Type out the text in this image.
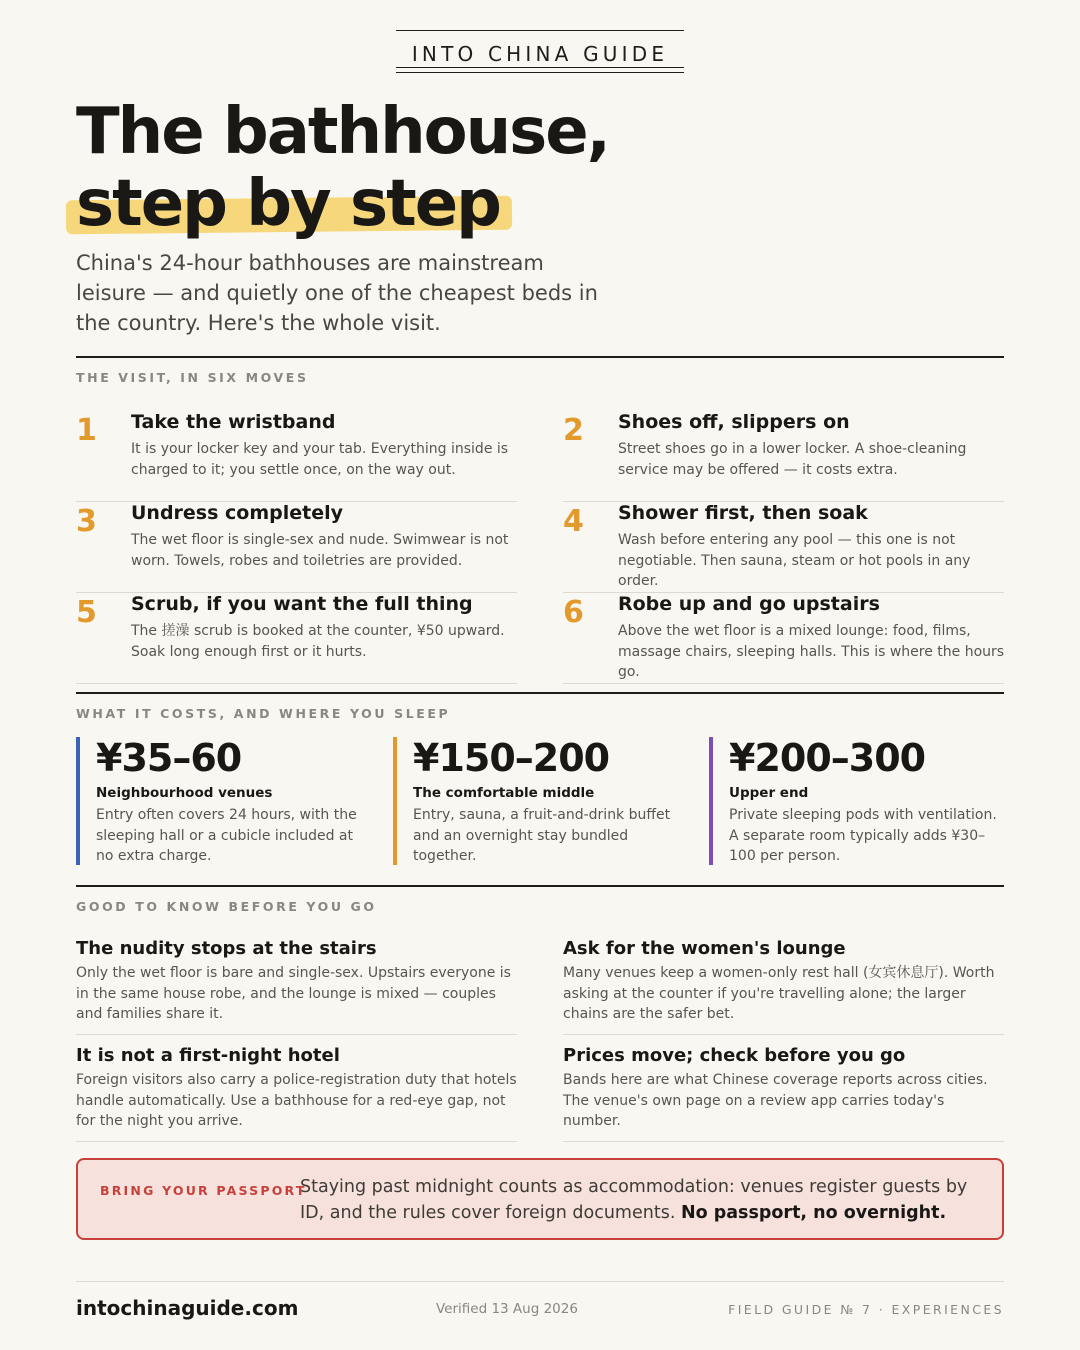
INTO CHINA GUIDE
The bathhouse,

step by step

China's 24-hour bathhouses are mainstream leisure — and quietly one of the cheapest beds in the country. Here's the whole visit.

THE VISIT, IN SIX MOVES
1 Take the wristband
It is your locker key and your tab. Everything inside is charged to it; you settle once, on the way out.
2 Shoes off, slippers on
Street shoes go in a lower locker. A shoe-cleaning service may be offered — it costs extra.
3 Undress completely
The wet floor is single-sex and nude. Swimwear is not worn. Towels, robes and toiletries are provided.
4 Shower first, then soak
Wash before entering any pool — this one is not negotiable. Then sauna, steam or hot pools in any order.
5 Scrub, if you want the full thing
The 搓澡 scrub is booked at the counter, ¥50 upward. Soak long enough first or it hurts.
6 Robe up and go upstairs
Above the wet floor is a mixed lounge: food, films, massage chairs, sleeping halls. This is where the hours go.
WHAT IT COSTS, AND WHERE YOU SLEEP
¥35–60
Neighbourhood venues
Entry often covers 24 hours, with the sleeping hall or a cubicle included at no extra charge.
¥150–200
The comfortable middle
Entry, sauna, a fruit-and-drink buffet and an overnight stay bundled together.
¥200–300
Upper end
Private sleeping pods with ventilation. A separate room typically adds ¥30–100 per person.
GOOD TO KNOW BEFORE YOU GO
The nudity stops at the stairs
Only the wet floor is bare and single-sex. Upstairs everyone is in the same house robe, and the lounge is mixed — couples and families share it.
Ask for the women's lounge
Many venues keep a women-only rest hall (女宾休息厅). Worth asking at the counter if you're travelling alone; the larger chains are the safer bet.
It is not a first-night hotel
Foreign visitors also carry a police-registration duty that hotels handle automatically. Use a bathhouse for a red-eye gap, not for the night you arrive.
Prices move; check before you go
Bands here are what Chinese coverage reports across cities. The venue's own page on a review app carries today's number.
BRING YOUR PASSPORT
Staying past midnight counts as accommodation: venues register guests by ID, and the rules cover foreign documents. No passport, no overnight.
intochinaguide.com	Verified 13 Aug 2026	FIELD GUIDE № 7 · EXPERIENCES
